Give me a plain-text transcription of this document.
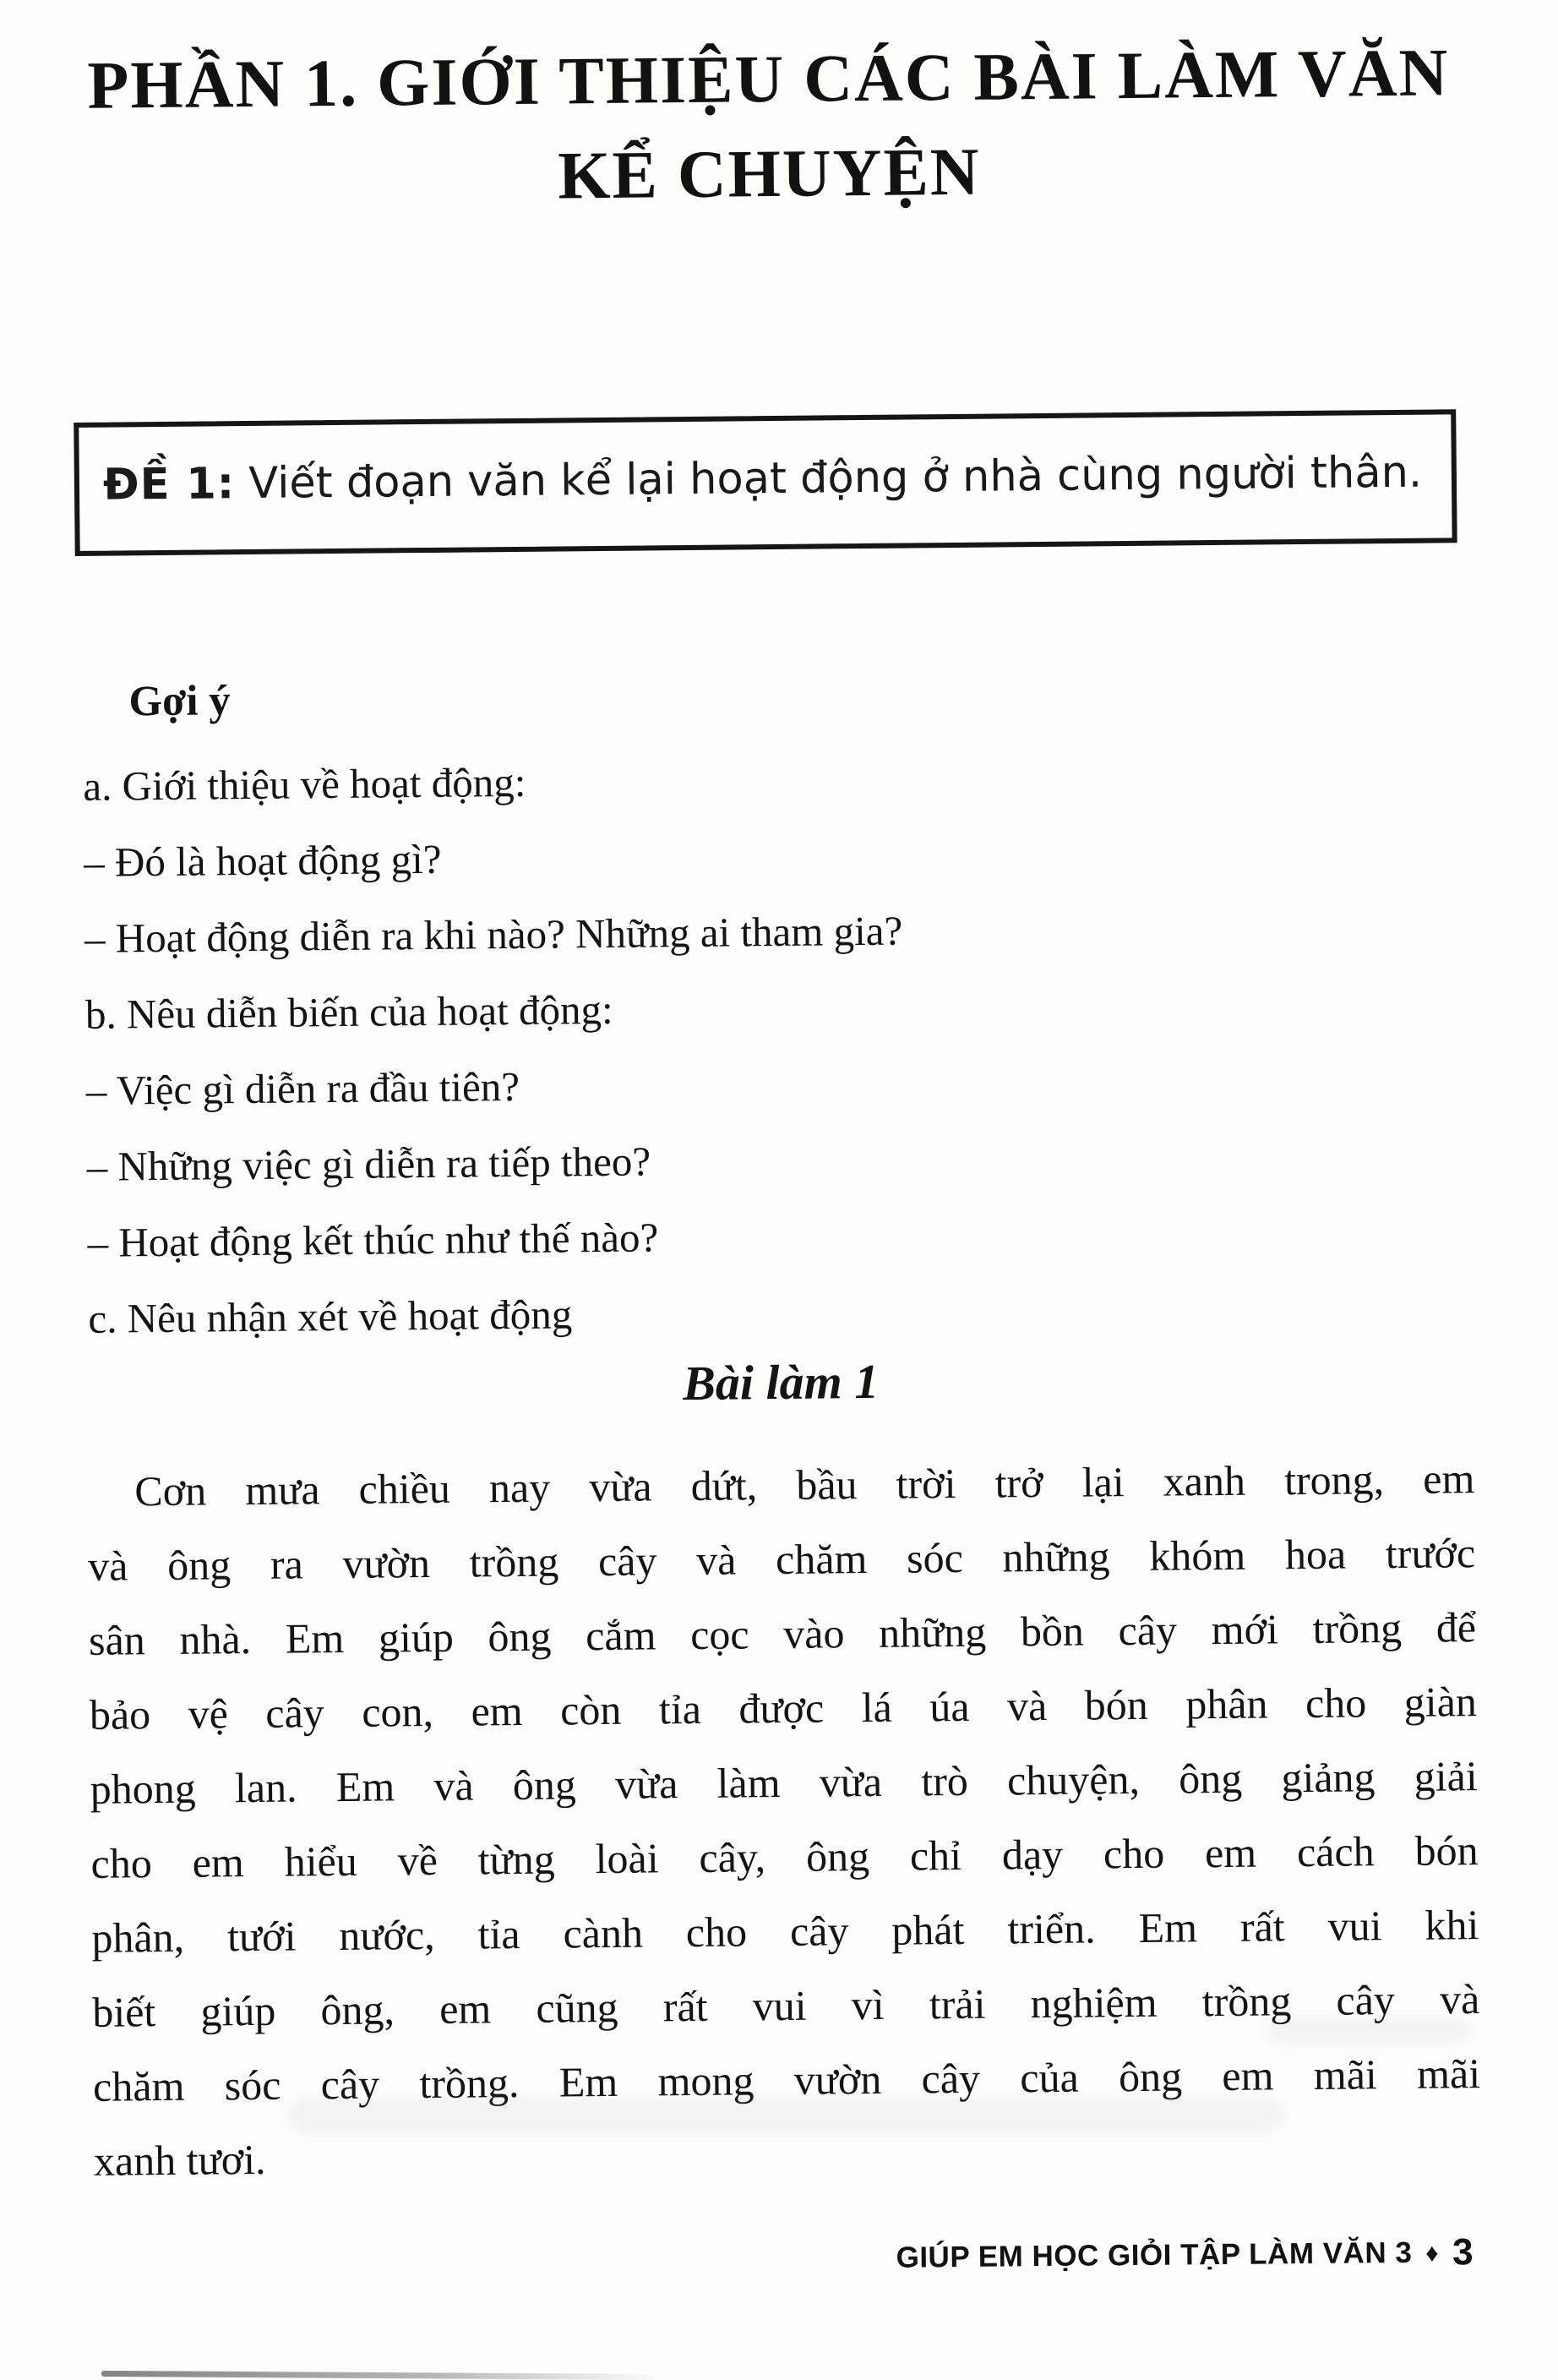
PHẦN 1. GIỚI THIỆU CÁC BÀI LÀM VĂN
KỂ CHUYỆN
ĐỀ 1: Viết đoạn văn kể lại hoạt động ở nhà cùng người thân.
Gợi ý
a. Giới thiệu về hoạt động:
– Đó là hoạt động gì?
– Hoạt động diễn ra khi nào? Những ai tham gia?
b. Nêu diễn biến của hoạt động:
– Việc gì diễn ra đầu tiên?
– Những việc gì diễn ra tiếp theo?
– Hoạt động kết thúc như thế nào?
c. Nêu nhận xét về hoạt động
Bài làm 1
Cơn mưa chiều nay vừa dứt, bầu trời trở lại xanh trong, em
và ông ra vườn trồng cây và chăm sóc những khóm hoa trước
sân nhà. Em giúp ông cắm cọc vào những bồn cây mới trồng để
bảo vệ cây con, em còn tỉa được lá úa và bón phân cho giàn
phong lan. Em và ông vừa làm vừa trò chuyện, ông giảng giải
cho em hiểu về từng loài cây, ông chỉ dạy cho em cách bón
phân, tưới nước, tỉa cành cho cây phát triển. Em rất vui khi
biết giúp ông, em cũng rất vui vì trải nghiệm trồng cây và
chăm sóc cây trồng. Em mong vườn cây của ông em mãi mãi
xanh tươi.
GIÚP EM HỌC GIỎI TẬP LÀM VĂN 3 ♦ 3
